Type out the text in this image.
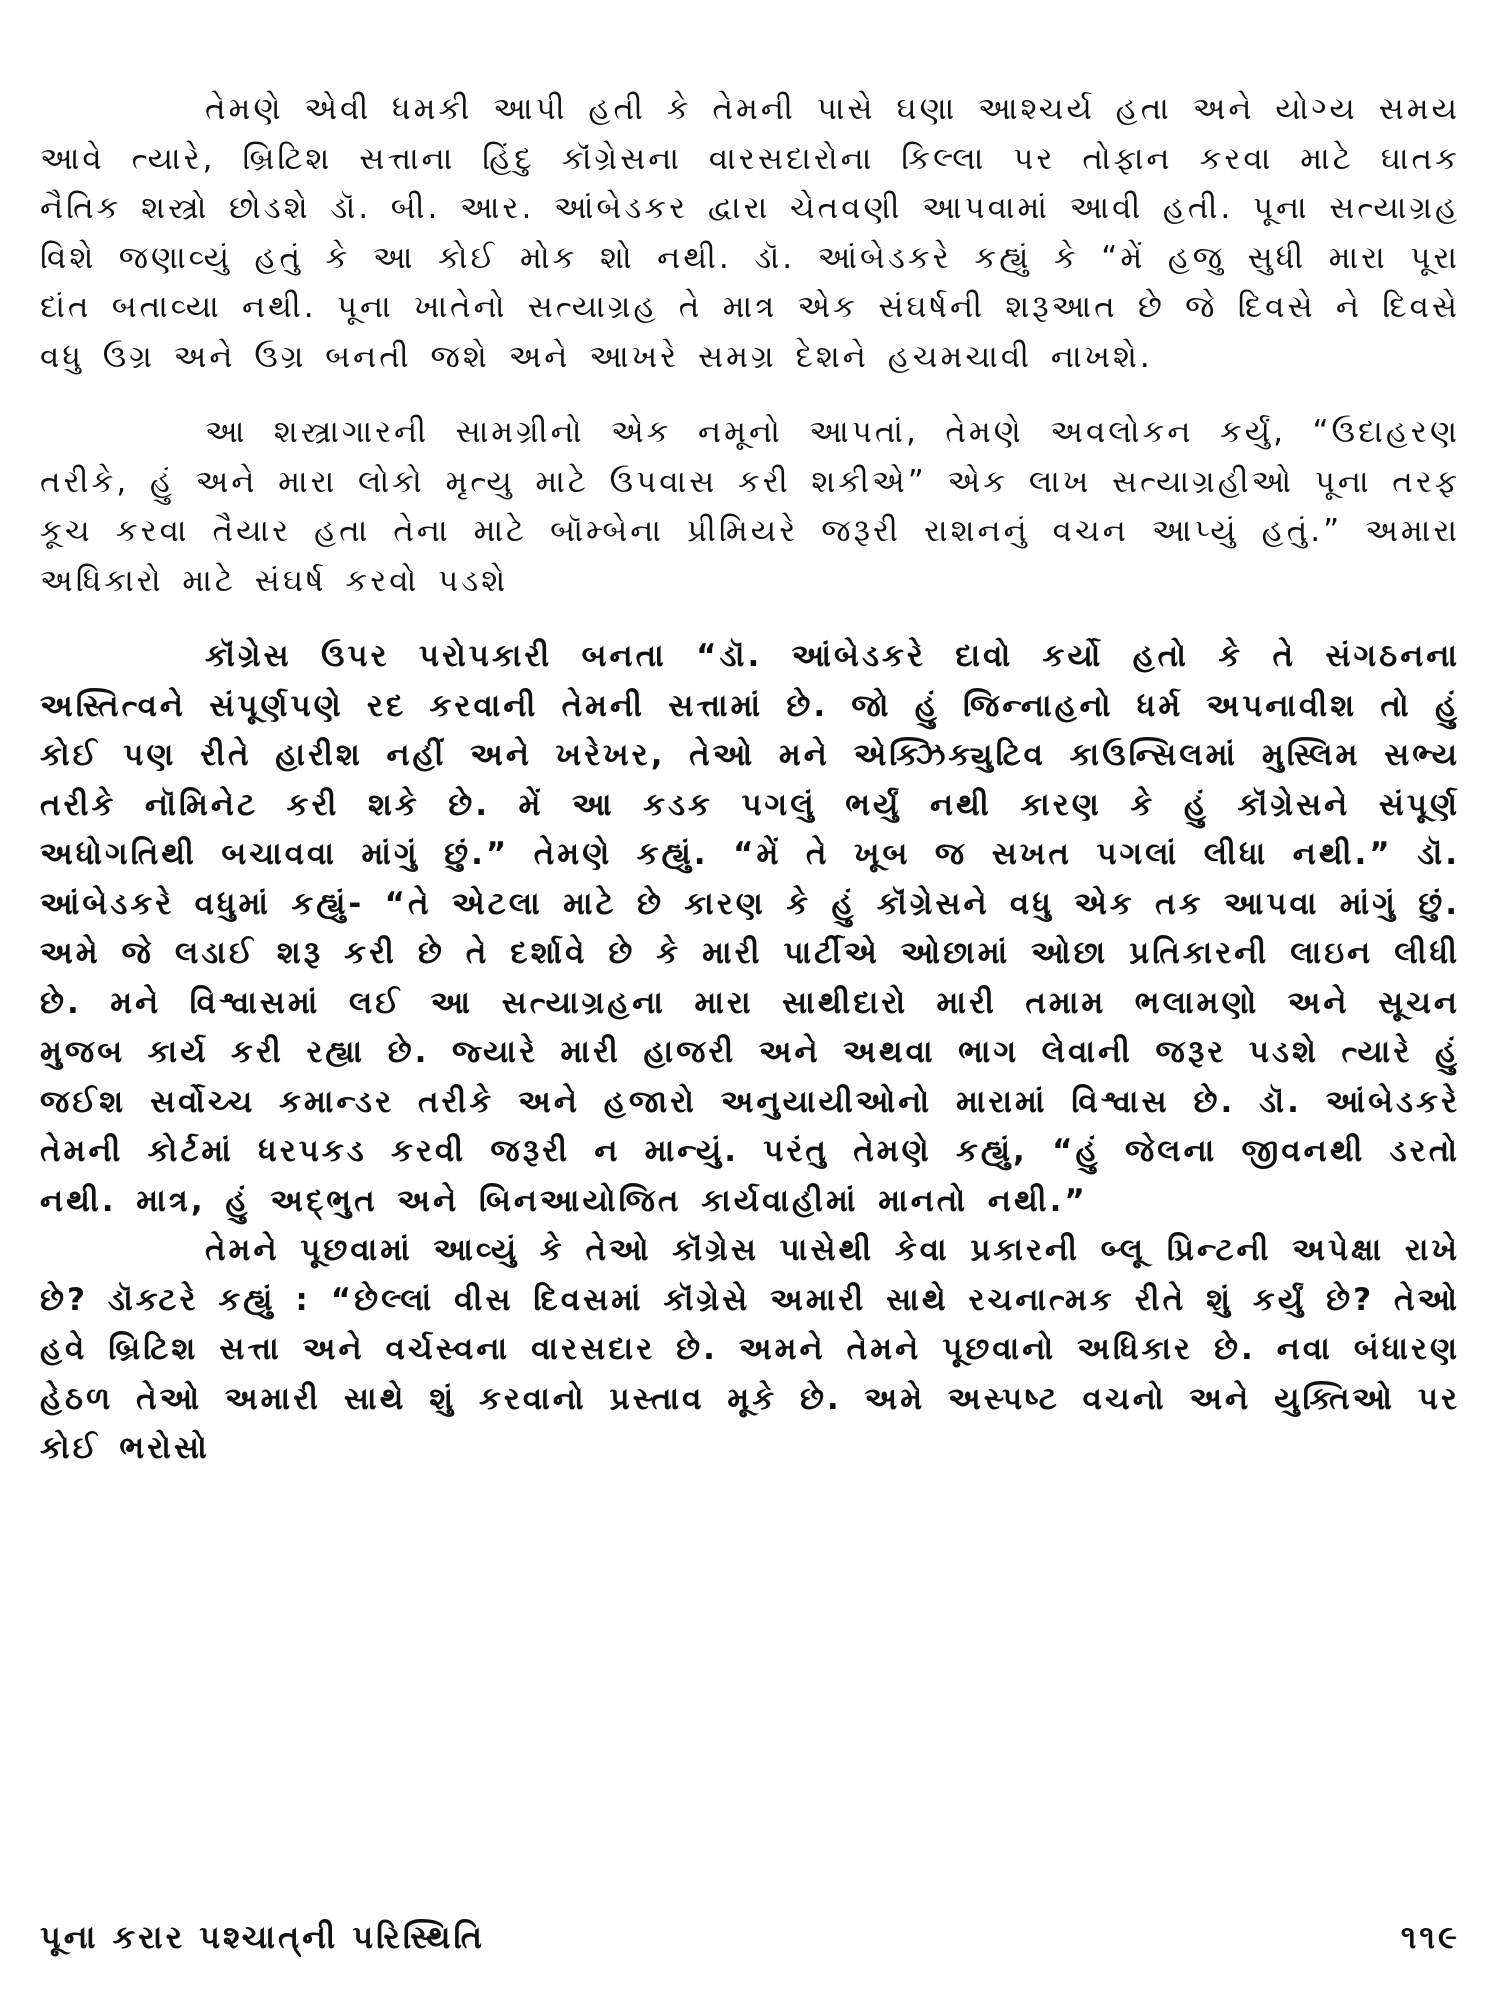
તેમણે એવી ધમકી આપી હતી કે તેમની પાસે ઘણા આશ્ચર્ય હતા અને યોગ્ય સમય આવે ત્યારે, બ્રિટિશ સત્તાના હિંદુ કૉંગ્રેસના વારસદારોના કિલ્લા પર તોફાન કરવા માટે ઘાતક નૈતિક શસ્ત્રો છોડશે ડૉ. બી. આર. આંબેડકર દ્વારા ચેતવણી આપવામાં આવી હતી. પૂના સત્યાગ્રહ વિશે જણાવ્યું હતું કે આ કોઈ મોક શો નથી. ડૉ. આંબેડકરે કહ્યું કે “મેં હજુ સુધી મારા પૂરા દાંત બતાવ્યા નથી. પૂના ખાતેનો સત્યાગ્રહ તે માત્ર એક સંઘર્ષની શરૂઆત છે જે દિવસે ને દિવસે વધુ ઉગ્ર અને ઉગ્ર બનતી જશે અને આખરે સમગ્ર દેશને હચમચાવી નાખશે.

આ શસ્ત્રાગારની સામગ્રીનો એક નમૂનો આપતાં, તેમણે અવલોકન કર્યું, “ઉદાહરણ તરીકે, હું અને મારા લોકો મૃત્યુ માટે ઉપવાસ કરી શકીએ” એક લાખ સત્યાગ્રહીઓ પૂના તરફ કૂચ કરવા તૈયાર હતા તેના માટે બૉમ્બેના પ્રીમિયરે જરૂરી રાશનનું વચન આપ્યું હતું.” અમારા અધિકારો માટે સંઘર્ષ કરવો પડશે

કૉંગ્રેસ ઉપર પરોપકારી બનતા “ડૉ. આંબેડકરે દાવો કર્યો હતો કે તે સંગઠનના અસ્તિત્વને સંપૂર્ણપણે રદ કરવાની તેમની સત્તામાં છે. જો હું જિન્નાહનો ધર્મ અપનાવીશ તો હું કોઈ પણ રીતે હારીશ નહીં અને ખરેખર, તેઓ મને એક્ઝિક્યુટિવ કાઉન્સિલમાં મુસ્લિમ સભ્ય તરીકે નૉમિનેટ કરી શકે છે. મેં આ કડક પગલું ભર્યું નથી કારણ કે હું કૉંગ્રેસને સંપૂર્ણ અધોગતિથી બચાવવા માંગું છું.” તેમણે કહ્યું. “મેં તે ખૂબ જ સખત પગલાં લીધા નથી.” ડૉ. આંબેડકરે વધુમાં કહ્યું- “તે એટલા માટે છે કારણ કે હું કૉંગ્રેસને વધુ એક તક આપવા માંગું છું. અમે જે લડાઈ શરૂ કરી છે તે દર્શાવે છે કે મારી પાર્ટીએ ઓછામાં ઓછા પ્રતિકારની લાઇન લીધી છે. મને વિશ્વાસમાં લઈ આ સત્યાગ્રહના મારા સાથીદારો મારી તમામ ભલામણો અને સૂચન મુજબ કાર્ય કરી રહ્યા છે. જ્યારે મારી હાજરી અને અથવા ભાગ લેવાની જરૂર પડશે ત્યારે હું જઈશ સર્વોચ્ચ કમાન્ડર તરીકે અને હજારો અનુયાયીઓનો મારામાં વિશ્વાસ છે. ડૉ. આંબેડકરે તેમની કોર્ટમાં ધરપકડ કરવી જરૂરી ન માન્યું. પરંતુ તેમણે કહ્યું, “હું જેલના જીવનથી ડરતો નથી. માત્ર, હું અદ્‌ભુત અને બિનઆયોજિત કાર્યવાહીમાં માનતો નથી.”

તેમને પૂછવામાં આવ્યું કે તેઓ કૉંગ્રેસ પાસેથી કેવા પ્રકારની બ્લૂ પ્રિન્ટની અપેક્ષા રાખે છે? ડૉક્ટરે કહ્યું : “છેલ્લાં વીસ દિવસમાં કૉંગ્રેસે અમારી સાથે રચનાત્મક રીતે શું કર્યું છે? તેઓ હવે બ્રિટિશ સત્તા અને વર્ચસ્વના વારસદાર છે. અમને તેમને પૂછવાનો અધિકાર છે. નવા બંધારણ હેઠળ તેઓ અમારી સાથે શું કરવાનો પ્રસ્તાવ મૂકે છે. અમે અસ્પષ્ટ વચનો અને યુક્તિઓ પર કોઈ ભરોસો

પૂના કરાર પશ્ચાત્‌ની પરિસ્થિતિ	૧૧૯
